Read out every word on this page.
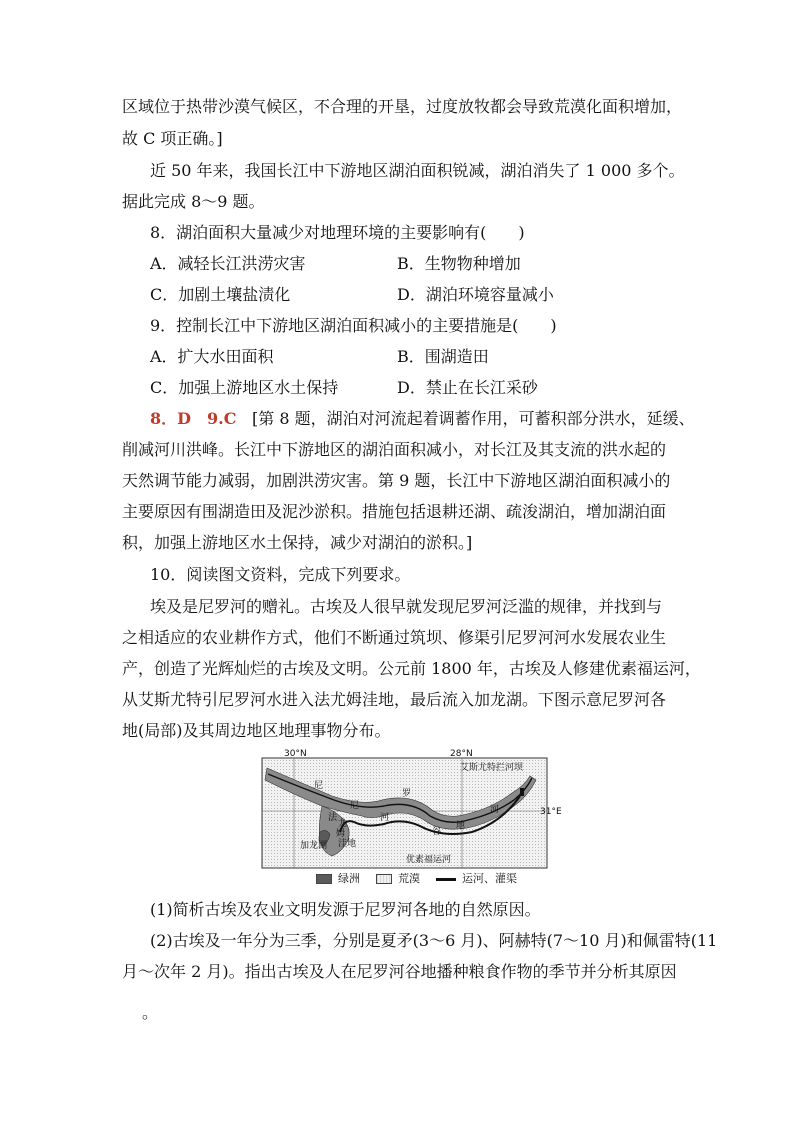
区域位于热带沙漠气候区，不合理的开垦，过度放牧都会导致荒漠化面积增加，
故 C 项正确。]
近 50 年来，我国长江中下游地区湖泊面积锐减，湖泊消失了 1 000 多个。
据此完成 8～9 题。
8．湖泊面积大量减少对地理环境的主要影响有(　　)
A．减轻长江洪涝灾害	B．生物物种增加
C．加剧土壤盐渍化	D．湖泊环境容量减小
9．控制长江中下游地区湖泊面积减小的主要措施是(　　)
A．扩大水田面积	B．围湖造田
C．加强上游地区水土保持	D．禁止在长江采砂
8．D　9.C [第 8 题，湖泊对河流起着调蓄作用，可蓄积部分洪水，延缓、
削减河川洪峰。长江中下游地区的湖泊面积减小，对长江及其支流的洪水起的
天然调节能力减弱，加剧洪涝灾害。第 9 题，长江中下游地区湖泊面积减小的
主要原因有围湖造田及泥沙淤积。措施包括退耕还湖、疏浚湖泊，增加湖泊面
积，加强上游地区水土保持，减少对湖泊的淤积。]
10．阅读图文资料，完成下列要求。
埃及是尼罗河的赠礼。古埃及人很早就发现尼罗河泛滥的规律，并找到与
之相适应的农业耕作方式，他们不断通过筑坝、修渠引尼罗河河水发展农业生
产，创造了光辉灿烂的古埃及文明。公元前 1800 年，古埃及人修建优素福运河，
从艾斯尤特引尼罗河水进入法尤姆洼地，最后流入加龙湖。下图示意尼罗河各
地(局部)及其周边地区地理事物分布。
30°N	28°N
31°E
尼
尼
罗
河
河
谷
地
法
尤
姆
洼地
加龙湖
艾斯尤特拦河坝
优素福运河
绿洲	荒漠	运河、灌渠
(1)简析古埃及农业文明发源于尼罗河各地的自然原因。
(2)古埃及一年分为三季，分别是夏矛(3～6 月)、阿赫特(7～10 月)和佩雷特(11
月～次年 2 月)。指出古埃及人在尼罗河谷地播种粮食作物的季节并分析其原因
。
